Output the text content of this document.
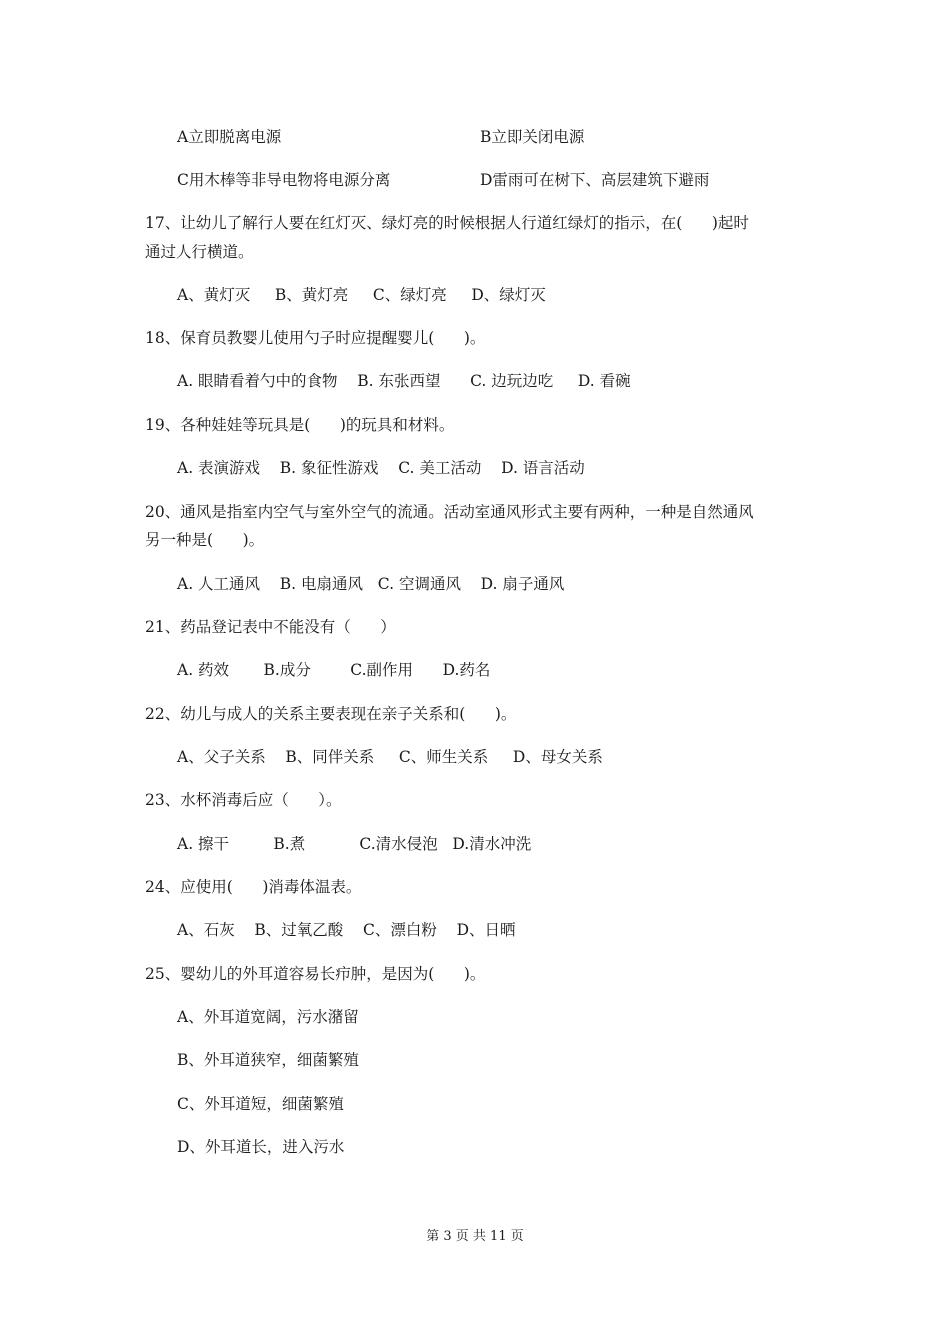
A立即脱离电源	B立即关闭电源
C用木棒等非导电物将电源分离	D雷雨可在树下、高层建筑下避雨
17、让幼儿了解行人要在红灯灭、绿灯亮的时候根据人行道红绿灯的指示，在(      )起时
通过人行横道。
A、黄灯灭     B、黄灯亮     C、绿灯亮     D、绿灯灭
18、保育员教婴儿使用勺子时应提醒婴儿(      )。
A. 眼睛看着勺中的食物    B. 东张西望      C. 边玩边吃     D. 看碗
19、各种娃娃等玩具是(      )的玩具和材料。
A. 表演游戏    B. 象征性游戏    C. 美工活动    D. 语言活动
20、通风是指室内空气与室外空气的流通。活动室通风形式主要有两种，一种是自然通风
另一种是(      )。
A. 人工通风    B. 电扇通风   C. 空调通风    D. 扇子通风
21、药品登记表中不能没有（      ）
A. 药效       B.成分        C.副作用      D.药名
22、幼儿与成人的关系主要表现在亲子关系和(      )。
A、父子关系    B、同伴关系     C、师生关系     D、母女关系
23、水杯消毒后应（      ）。
A. 擦干         B.煮           C.清水侵泡   D.清水冲洗
24、应使用(      )消毒体温表。
A、石灰    B、过氧乙酸    C、漂白粉    D、日晒
25、婴幼儿的外耳道容易长疖肿，是因为(      )。
A、外耳道宽阔，污水潴留
B、外耳道狭窄，细菌繁殖
C、外耳道短，细菌繁殖
D、外耳道长，进入污水
第 3 页 共 11 页
